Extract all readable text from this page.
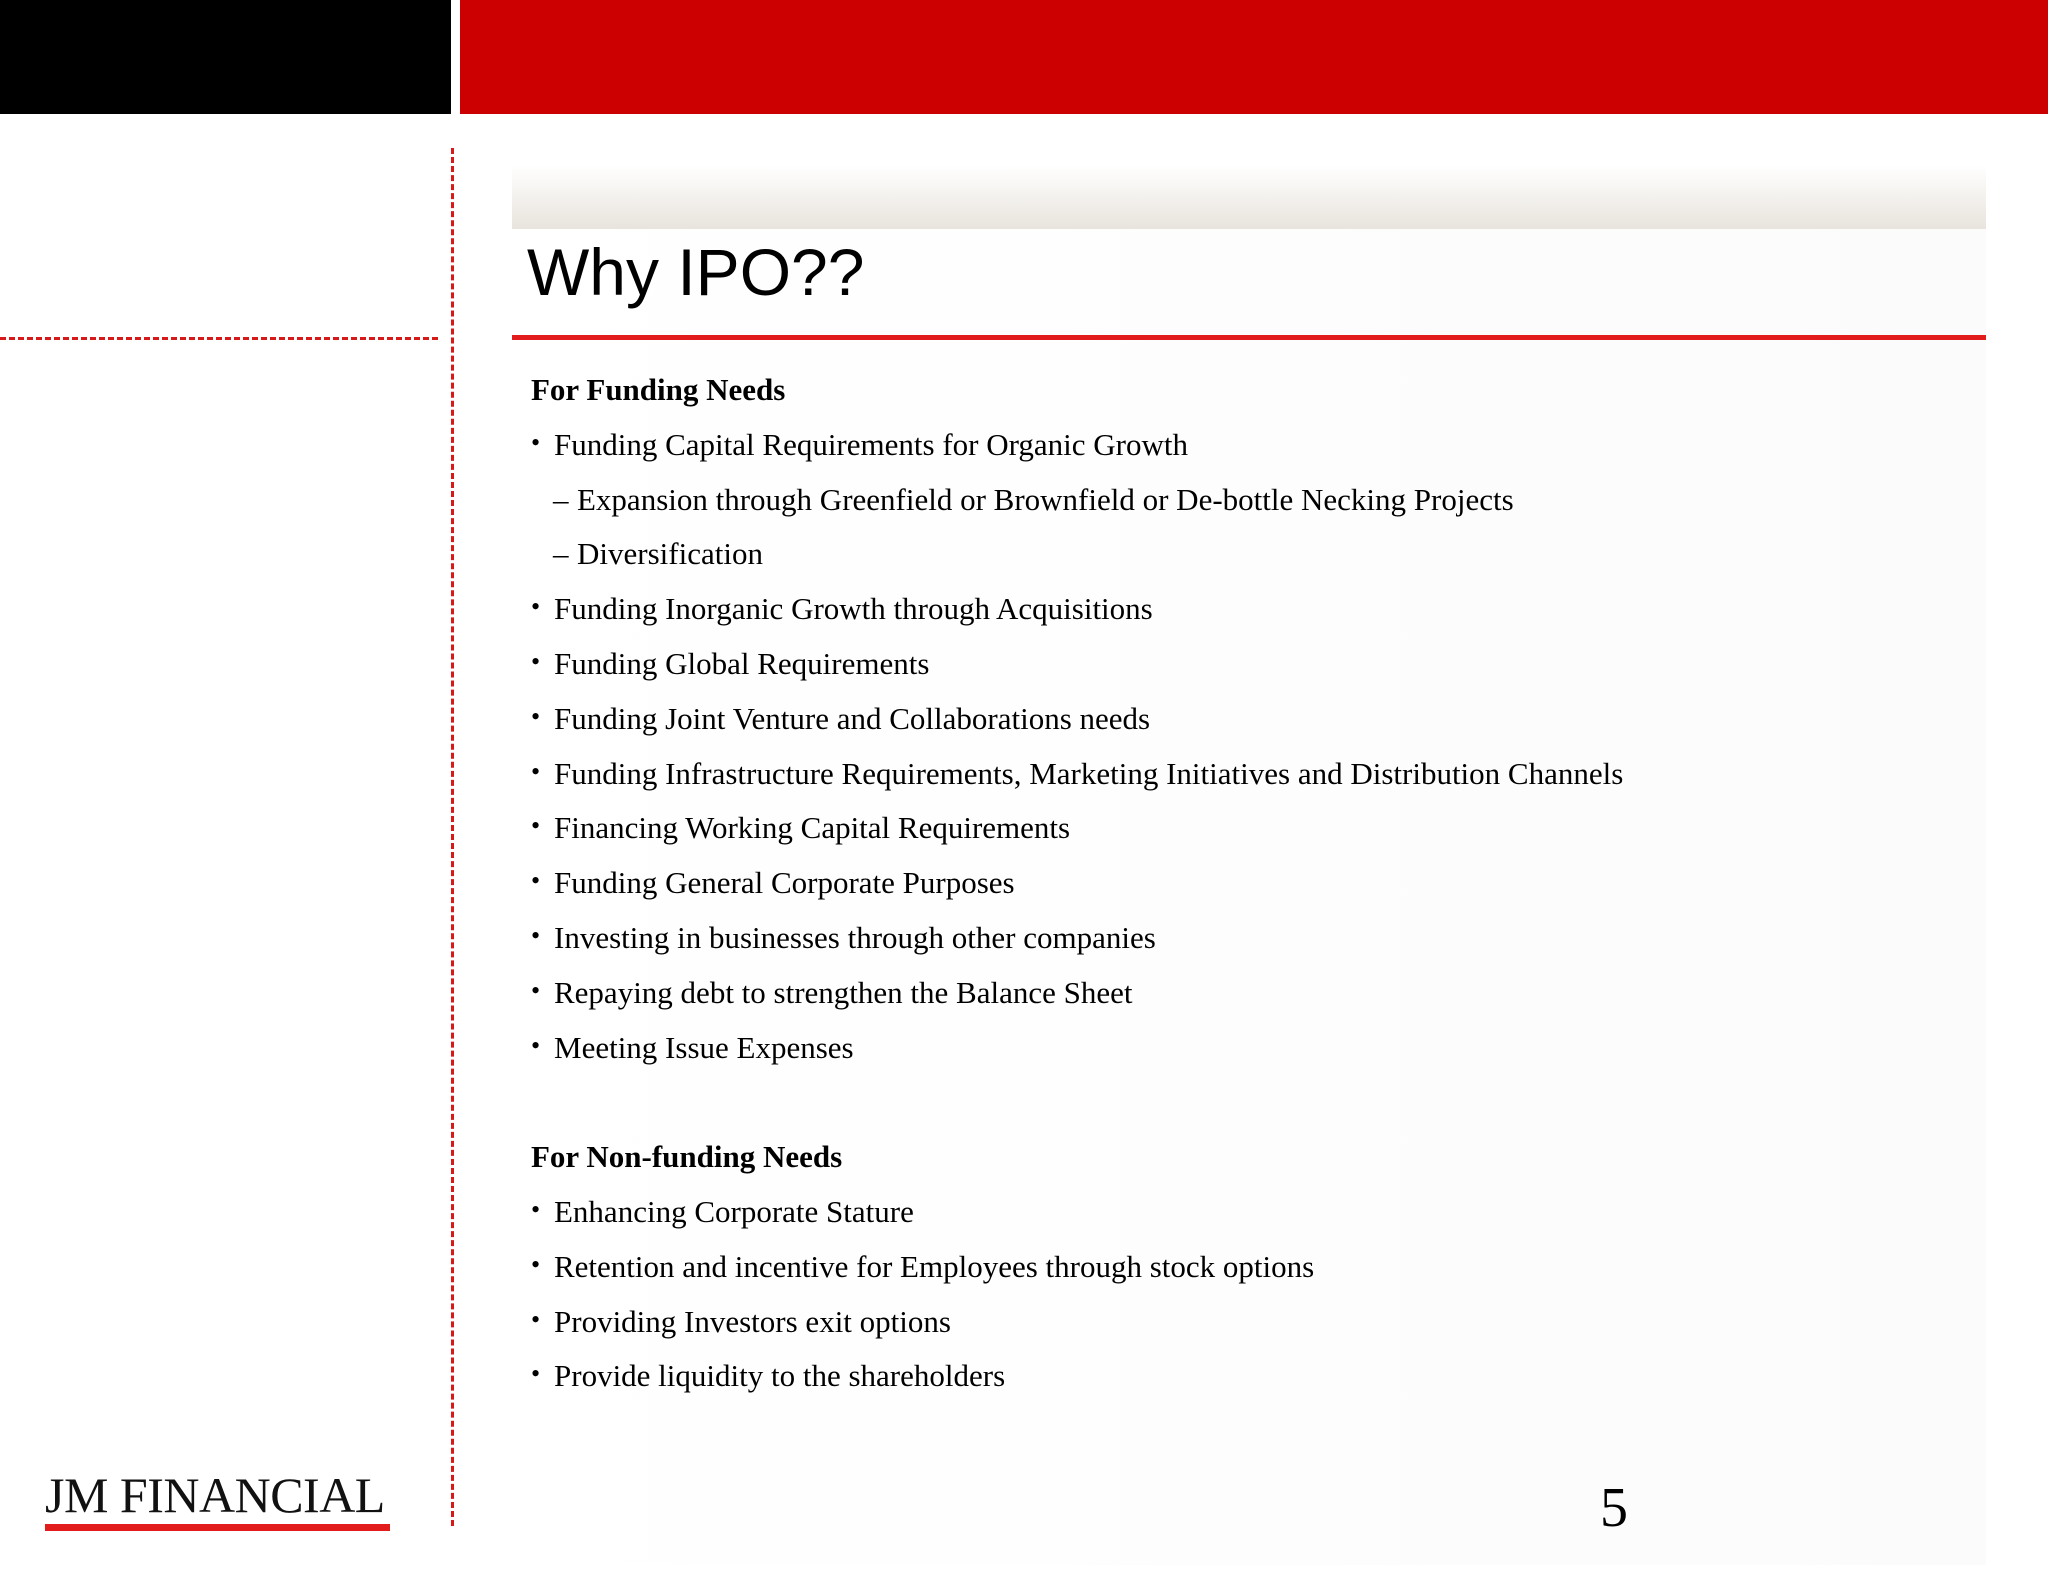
Why IPO??

For Funding Needs

• Funding Capital Requirements for Organic Growth
– Expansion through Greenfield or Brownfield or De-bottle Necking Projects
– Diversification
• Funding Inorganic Growth through Acquisitions
• Funding Global Requirements
• Funding Joint Venture and Collaborations needs
• Funding Infrastructure Requirements, Marketing Initiatives and Distribution Channels
• Financing Working Capital Requirements
• Funding General Corporate Purposes
• Investing in businesses through other companies
• Repaying debt to strengthen the Balance Sheet
• Meeting Issue Expenses

For Non-funding Needs

• Enhancing Corporate Stature
• Retention and incentive for Employees through stock options
• Providing Investors exit options
• Provide liquidity to the shareholders
JM FINANCIAL	5
